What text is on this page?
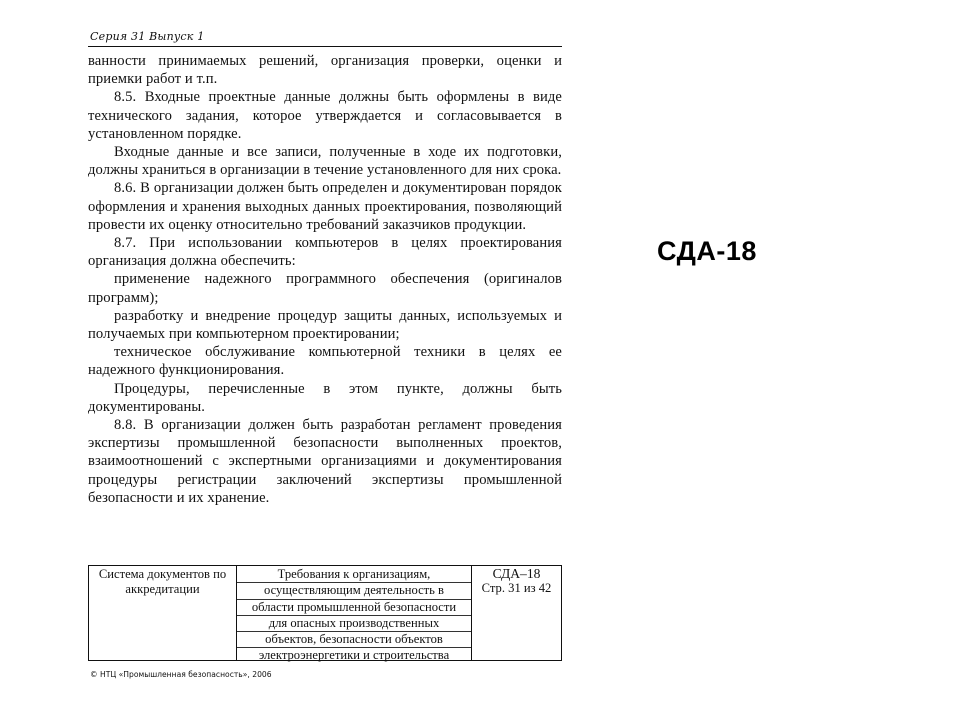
Серия 31 Выпуск 1

ванности принимаемых решений, организация проверки, оценки и приемки работ и т.п.

8.5. Входные проектные данные должны быть оформлены в виде технического задания, которое утверждается и согласовывается в установленном порядке.

Входные данные и все записи, полученные в ходе их подготовки, должны храниться в организации в течение установленного для них срока.

8.6. В организации должен быть определен и документирован порядок оформления и хранения выходных данных проектирования, позволяющий провести их оценку относительно требований заказчиков продукции.

8.7. При использовании компьютеров в целях проектирования организация должна обеспечить:

применение надежного программного обеспечения (оригиналов программ);

разработку и внедрение процедур защиты данных, используемых и получаемых при компьютерном проектировании;

техническое обслуживание компьютерной техники в целях ее надежного функционирования.

Процедуры, перечисленные в этом пункте, должны быть документированы.

8.8. В организации должен быть разработан регламент проведения экспертизы промышленной безопасности выполненных проектов, взаимоотношений с экспертными организациями и документирования процедуры регистрации заключений экспертизы промышленной безопасности и их хранение.

Система документов по аккредитации
Требования к организациям,
осуществляющим деятельность в
области промышленной безопасности
для опасных производственных
объектов, безопасности объектов
электроэнергетики и строительства
СДА–18
Стр. 31 из 42
© НТЦ «Промышленная безопасность», 2006
СДА-18
